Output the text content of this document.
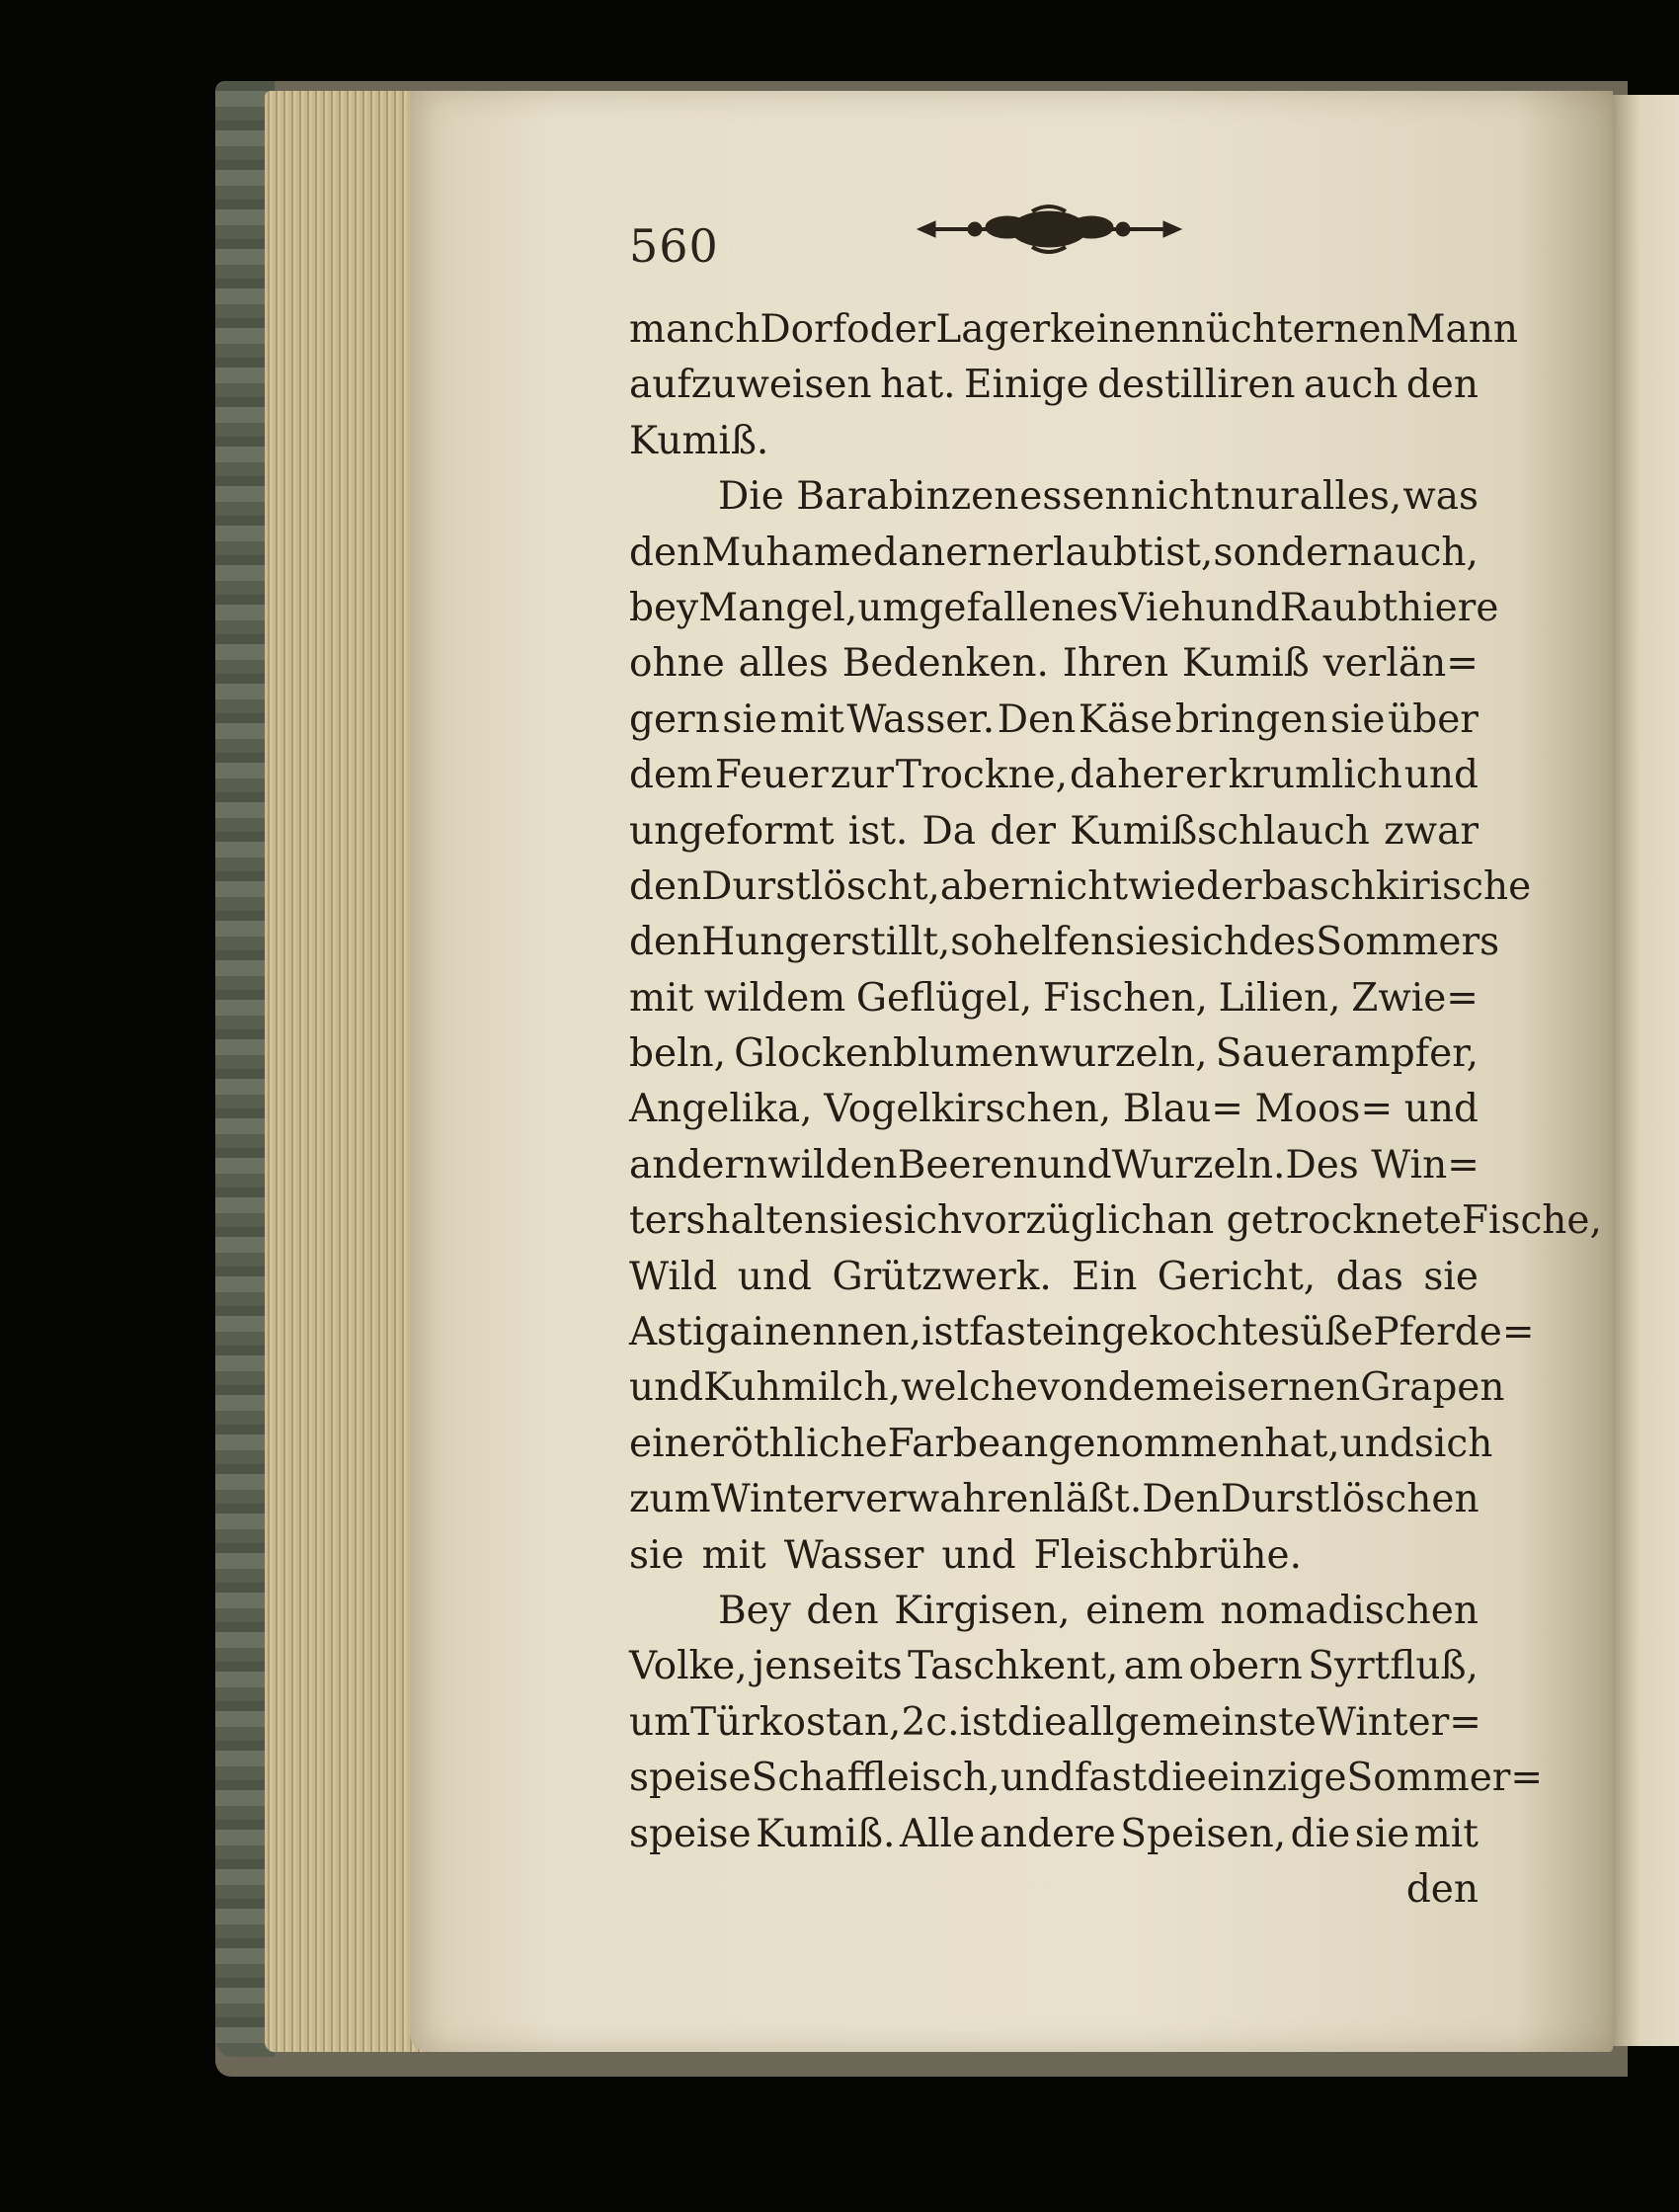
560
manch Dorf oder Lager keinen nüchternen Mann
aufzuweisen hat. Einige destilliren auch den
Kumiß.
Die Barabinzen essen nicht nur alles, was
den Muhamedanern erlaubt ist, sondern auch,
bey Mangel, umgefallenes Vieh und Raubthiere
ohne alles Bedenken. Ihren Kumiß verlän=
gern sie mit Wasser. Den Käse bringen sie über
dem Feuer zur Trockne, daher er krumlich und
ungeformt ist. Da der Kumißschlauch zwar
den Durst löscht, aber nicht wie der baschkirische
den Hunger stillt, so helfen sie sich des Sommers
mit wildem Geflügel, Fischen, Lilien, Zwie=
beln, Glockenblumenwurzeln, Sauerampfer,
Angelika, Vogelkirschen, Blau= Moos= und
andern wilden Beeren und Wurzeln. Des Win=
ters halten sie sich vorzüglich an getrocknete Fische,
Wild und Grützwerk. Ein Gericht, das sie
Astigai nennen, ist fast eingekochte süße Pferde=
und Kuhmilch, welche von dem eisernen Grapen
eine röthliche Farbe angenommen hat, und sich
zum Winter verwahren läßt. Den Durst löschen
sie mit Wasser und Fleischbrühe.
Bey den Kirgisen, einem nomadischen
Volke, jenseits Taschkent, am obern Syrtfluß,
um Türkostan, 2c. ist die allgemeinste Winter=
speise Schaffleisch, und fast die einzige Sommer=
speise Kumiß. Alle andere Speisen, die sie mit
den
